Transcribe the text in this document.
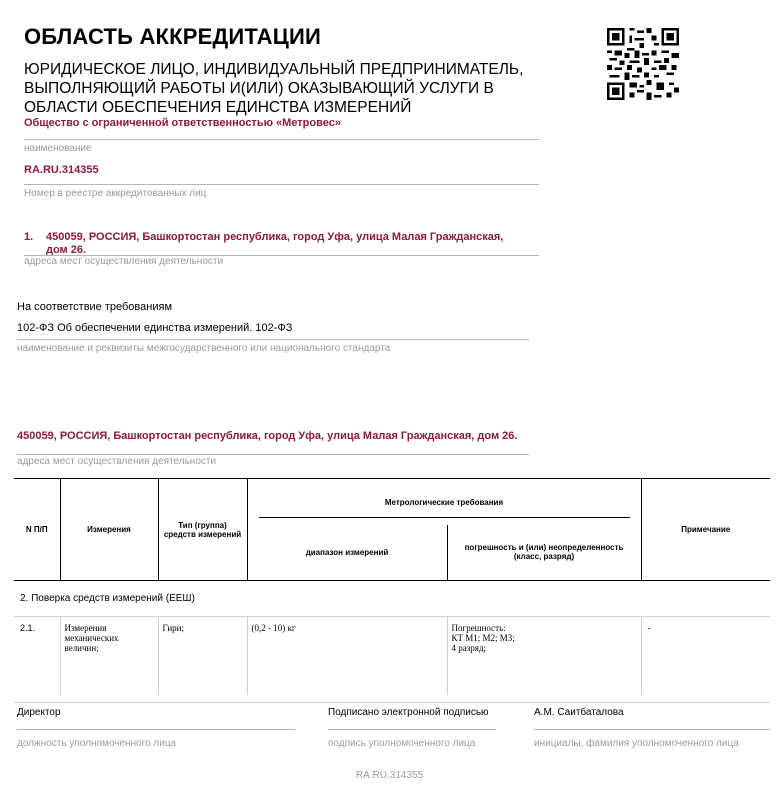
ОБЛАСТЬ АККРЕДИТАЦИИ
ЮРИДИЧЕСКОЕ ЛИЦО, ИНДИВИДУАЛЬНЫЙ ПРЕДПРИНИМАТЕЛЬ, ВЫПОЛНЯЮЩИЙ РАБОТЫ И(ИЛИ) ОКАЗЫВАЮЩИЙ УСЛУГИ В ОБЛАСТИ ОБЕСПЕЧЕНИЯ ЕДИНСТВА ИЗМЕРЕНИЙ
Общество с ограниченной ответственностью «Метровес»
наименование
RA.RU.314355
Номер в реестре аккредитованных лиц
1. 450059, РОССИЯ, Башкортостан республика, город Уфа, улица Малая Гражданская, дом 26.
адреса мест осуществления деятельности
На соответствие требованиям
102-ФЗ Об обеспечении единства измерений. 102-ФЗ
наименование и реквизиты межгосударственного или национального стандарта
450059, РОССИЯ, Башкортостан республика, город Уфа, улица Малая Гражданская, дом 26.
адреса мест осуществления деятельности
N П/П	Измерения	Тип (группа) средств измерений	Метрологические требования		Примечание
			диапазон измерений	погрешность и (или) неопределенность (класс, разряд)	
2. Поверка средств измерений (ЕЕШ)					
2.1.	Измерения механических величин;	Гири;	(0,2 - 10) кг	Погрешность:
КТ М1; М2; М3;
4 разряд;	-
Директор
должность уполномоченного лица
Подписано электронной подписью
подпись уполномоченного лица
А.М. Саитбаталова
инициалы, фамилия уполномоченного лица
RA.RU.314355
